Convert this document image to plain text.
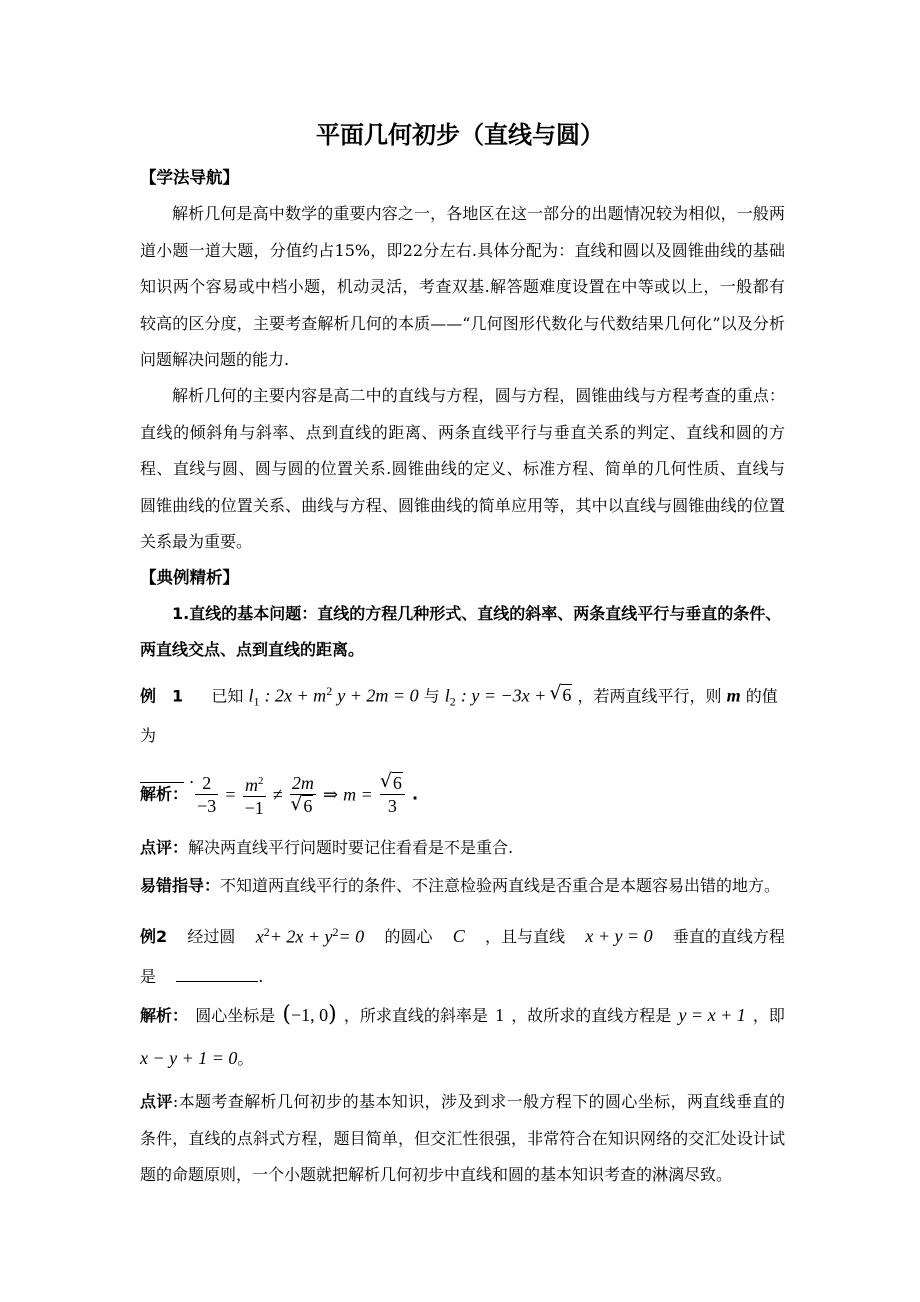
平面几何初步（直线与圆）
【学法导航】
解析几何是高中数学的重要内容之一，各地区在这一部分的出题情况较为相似，一般两道小题一道大题，分值约占15%，即22分左右.具体分配为：直线和圆以及圆锥曲线的基础知识两个容易或中档小题，机动灵活，考查双基.解答题难度设置在中等或以上，一般都有较高的区分度，主要考查解析几何的本质——“几何图形代数化与代数结果几何化”以及分析问题解决问题的能力.
解析几何的主要内容是高二中的直线与方程，圆与方程，圆锥曲线与方程考查的重点：直线的倾斜角与斜率、点到直线的距离、两条直线平行与垂直关系的判定、直线和圆的方程、直线与圆、圆与圆的位置关系.圆锥曲线的定义、标准方程、简单的几何性质、直线与圆锥曲线的位置关系、曲线与方程、圆锥曲线的简单应用等，其中以直线与圆锥曲线的位置关系最为重要。
【典例精析】
1.直线的基本问题：直线的方程几种形式、直线的斜率、两条直线平行与垂直的条件、
两直线交点、点到直线的距离。
例　1 已知 $l_1$ : $2x + m^2$ y + 2m = 0 与 $l_2$ : y = −3x + √ 6 ，若两直线平行，则 m 的值为
.
解析： $\frac{2}{-3} = \frac{m^2}{-1} \ne 2m$
√ 6 ⇒ m = √ $\frac{6}{3}$ .
点评：解决两直线平行问题时要记住看看是不是重合.
易错指导：不知道两直线平行的条件、不注意检验两直线是否重合是本题容易出错的地方。
例2 经过圆 $x^2+ 2x + y^2= 0$ 的圆心 C ，且与直线 x + y = 0 垂直的直线方程
是	.
解析： 圆心坐标是 (−1, 0) ，所求直线的斜率是 1 ，故所求的直线方程是 y = x + 1 ，即
x − y + 1 = 0。
点评:本题考查解析几何初步的基本知识，涉及到求一般方程下的圆心坐标，两直线垂直的条件，直线的点斜式方程，题目简单，但交汇性很强，非常符合在知识网络的交汇处设计试题的命题原则，一个小题就把解析几何初步中直线和圆的基本知识考查的淋漓尽致。
